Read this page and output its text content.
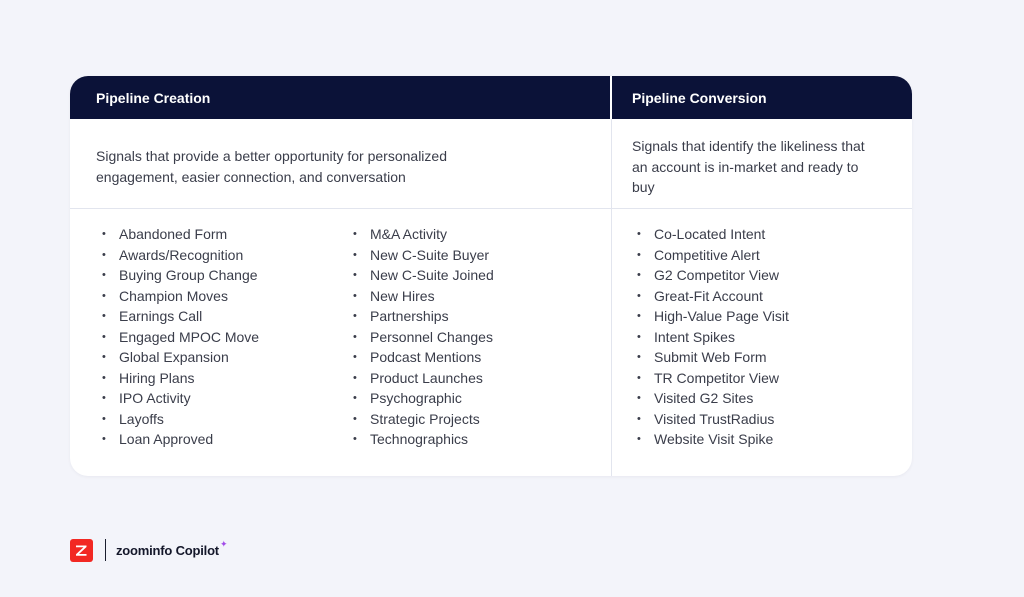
Pipeline Creation	Pipeline Conversion

Signals that provide a better opportunity for personalized engagement, easier connection, and conversation

Signals that identify the likeliness that an account is in-market and ready to buy

• Abandoned Form
• Awards/Recognition
• Buying Group Change
• Champion Moves
• Earnings Call
• Engaged MPOC Move
• Global Expansion
• Hiring Plans
• IPO Activity
• Layoffs
• Loan Approved
• M&A Activity
• New C-Suite Buyer
• New C-Suite Joined
• New Hires
• Partnerships
• Personnel Changes
• Podcast Mentions
• Product Launches
• Psychographic
• Strategic Projects
• Technographics
• Co-Located Intent
• Competitive Alert
• G2 Competitor View
• Great-Fit Account
• High-Value Page Visit
• Intent Spikes
• Submit Web Form
• TR Competitor View
• Visited G2 Sites
• Visited TrustRadius
• Website Visit Spike
zoominfo Copilot ✦
